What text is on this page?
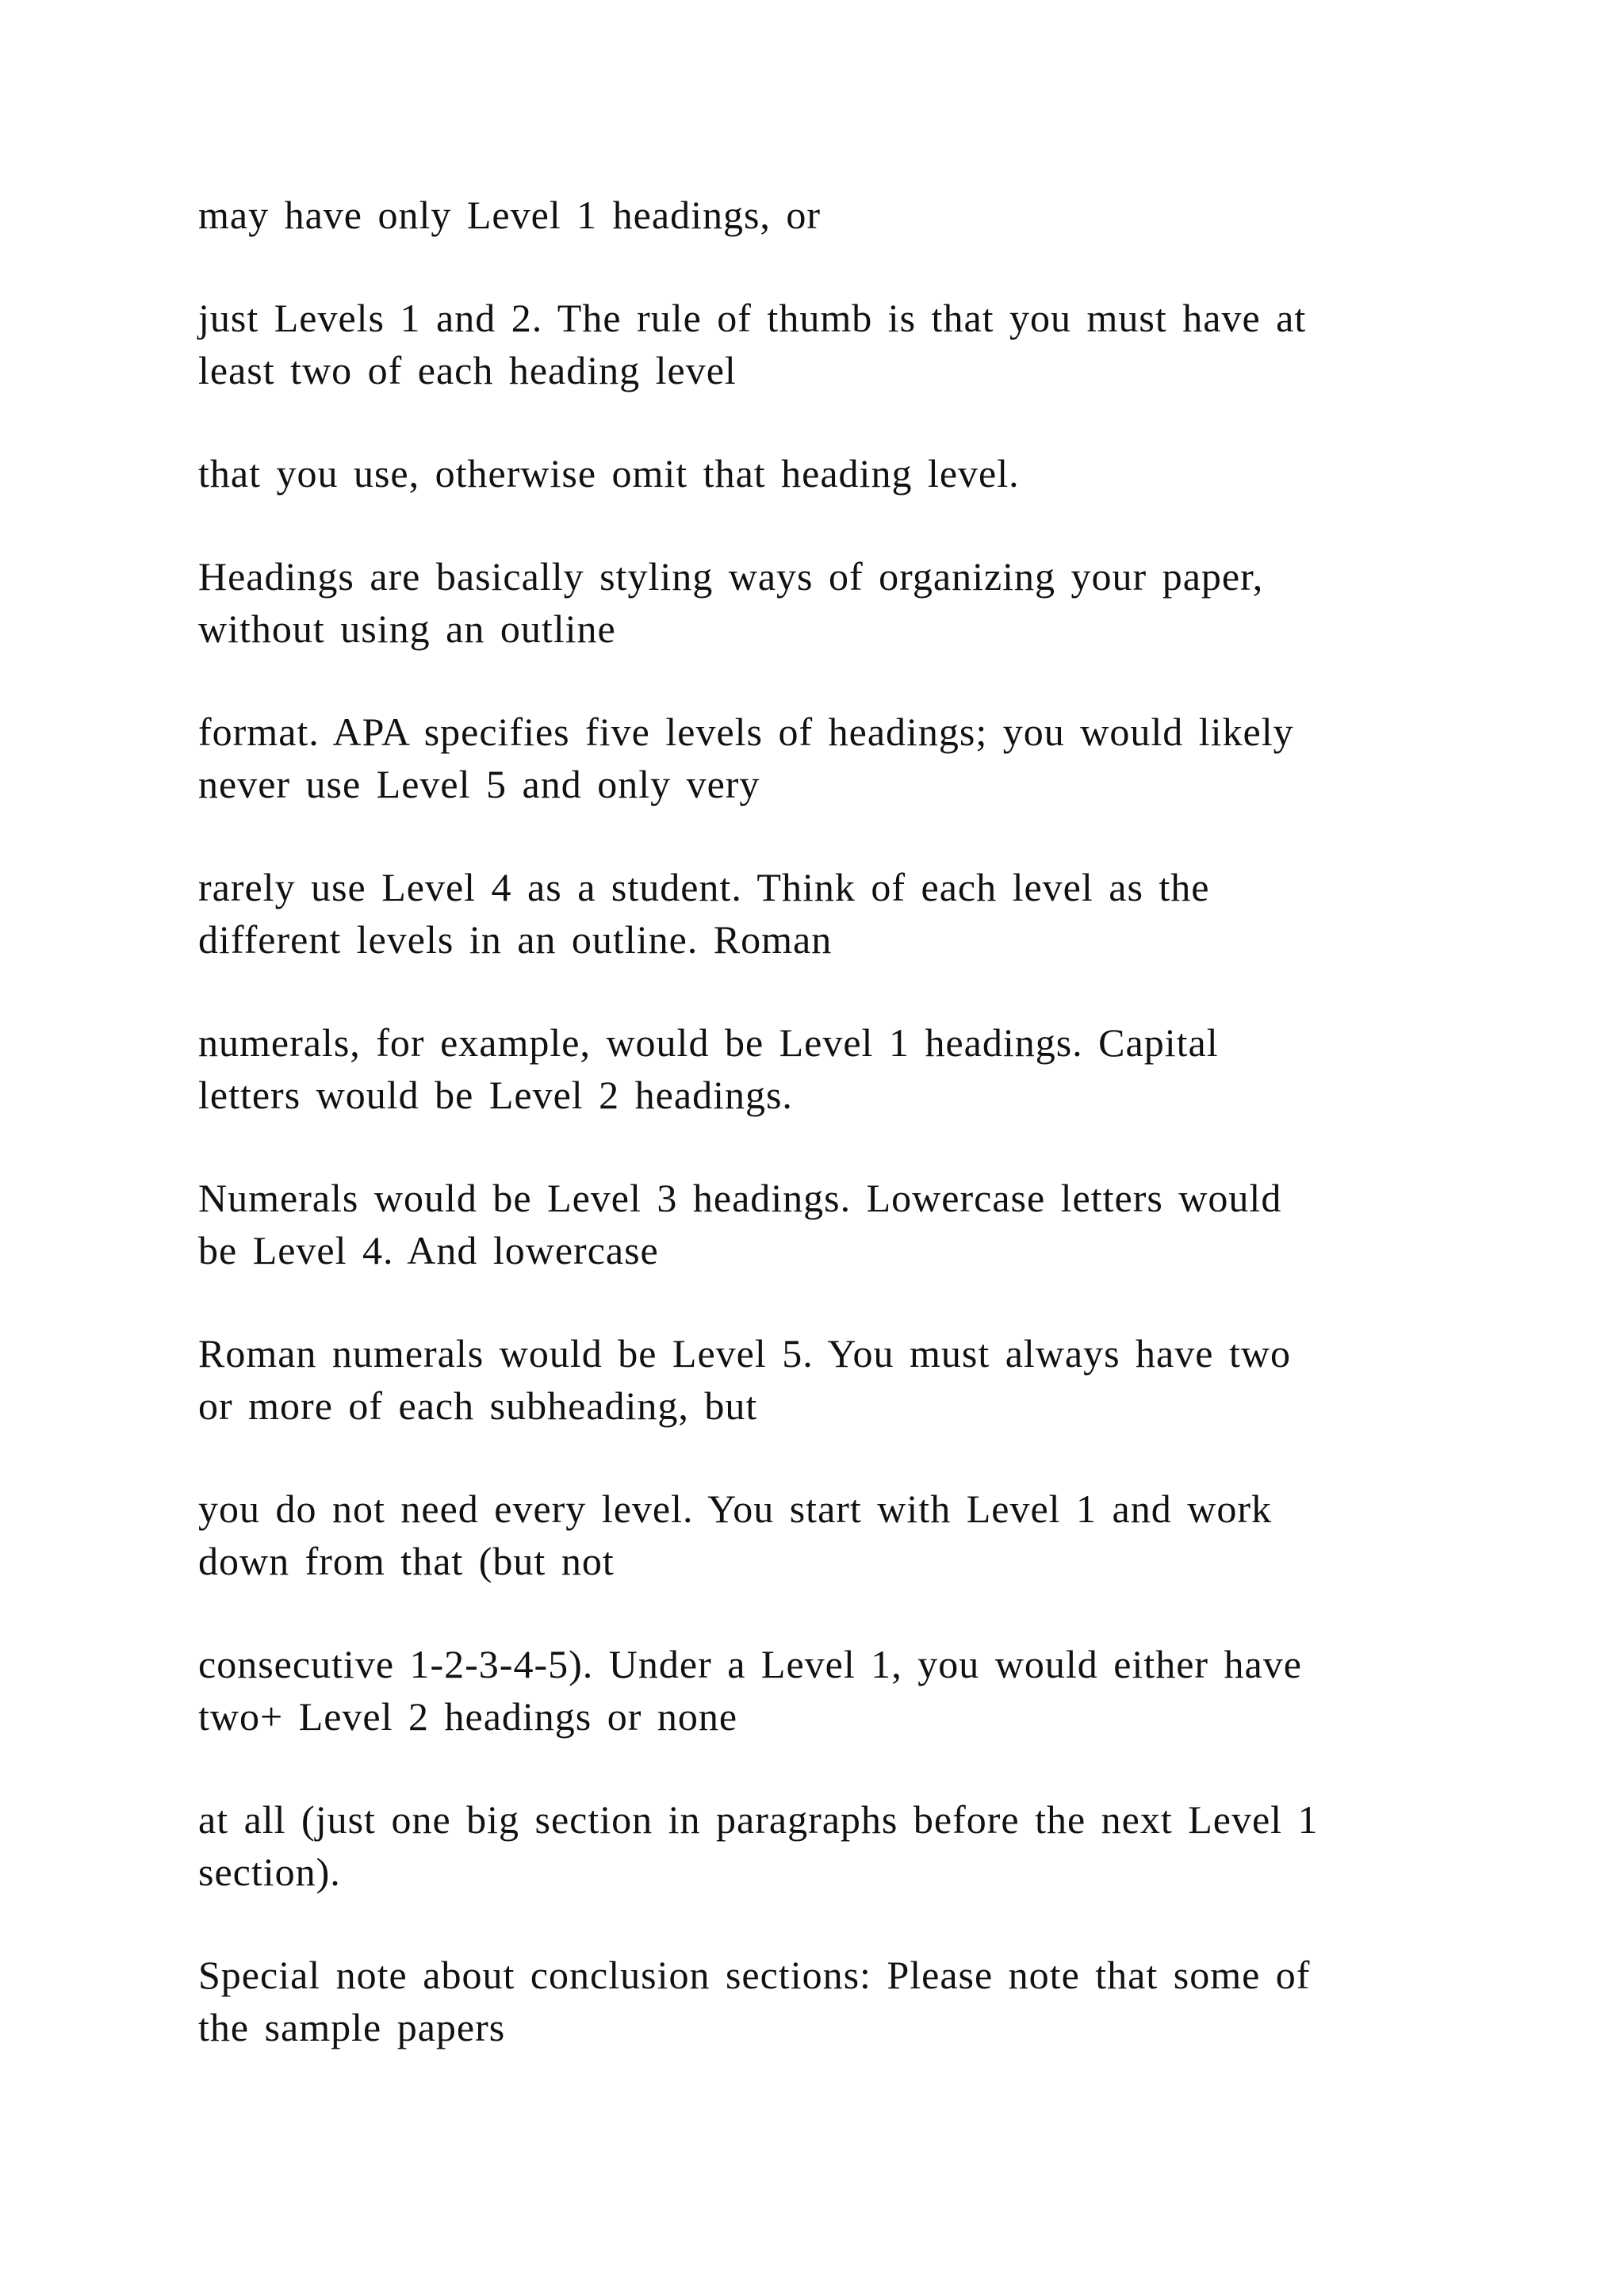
may have only Level 1 headings, or

just Levels 1 and 2. The rule of thumb is that you must have at
least two of each heading level

that you use, otherwise omit that heading level.

Headings are basically styling ways of organizing your paper,
without using an outline

format. APA specifies five levels of headings; you would likely
never use Level 5 and only very

rarely use Level 4 as a student. Think of each level as the
different levels in an outline. Roman

numerals, for example, would be Level 1 headings. Capital
letters would be Level 2 headings.

Numerals would be Level 3 headings. Lowercase letters would
be Level 4. And lowercase

Roman numerals would be Level 5. You must always have two
or more of each subheading, but

you do not need every level. You start with Level 1 and work
down from that (but not

consecutive 1-2-3-4-5). Under a Level 1, you would either have
two+ Level 2 headings or none

at all (just one big section in paragraphs before the next Level 1
section).

Special note about conclusion sections: Please note that some of
the sample papers
